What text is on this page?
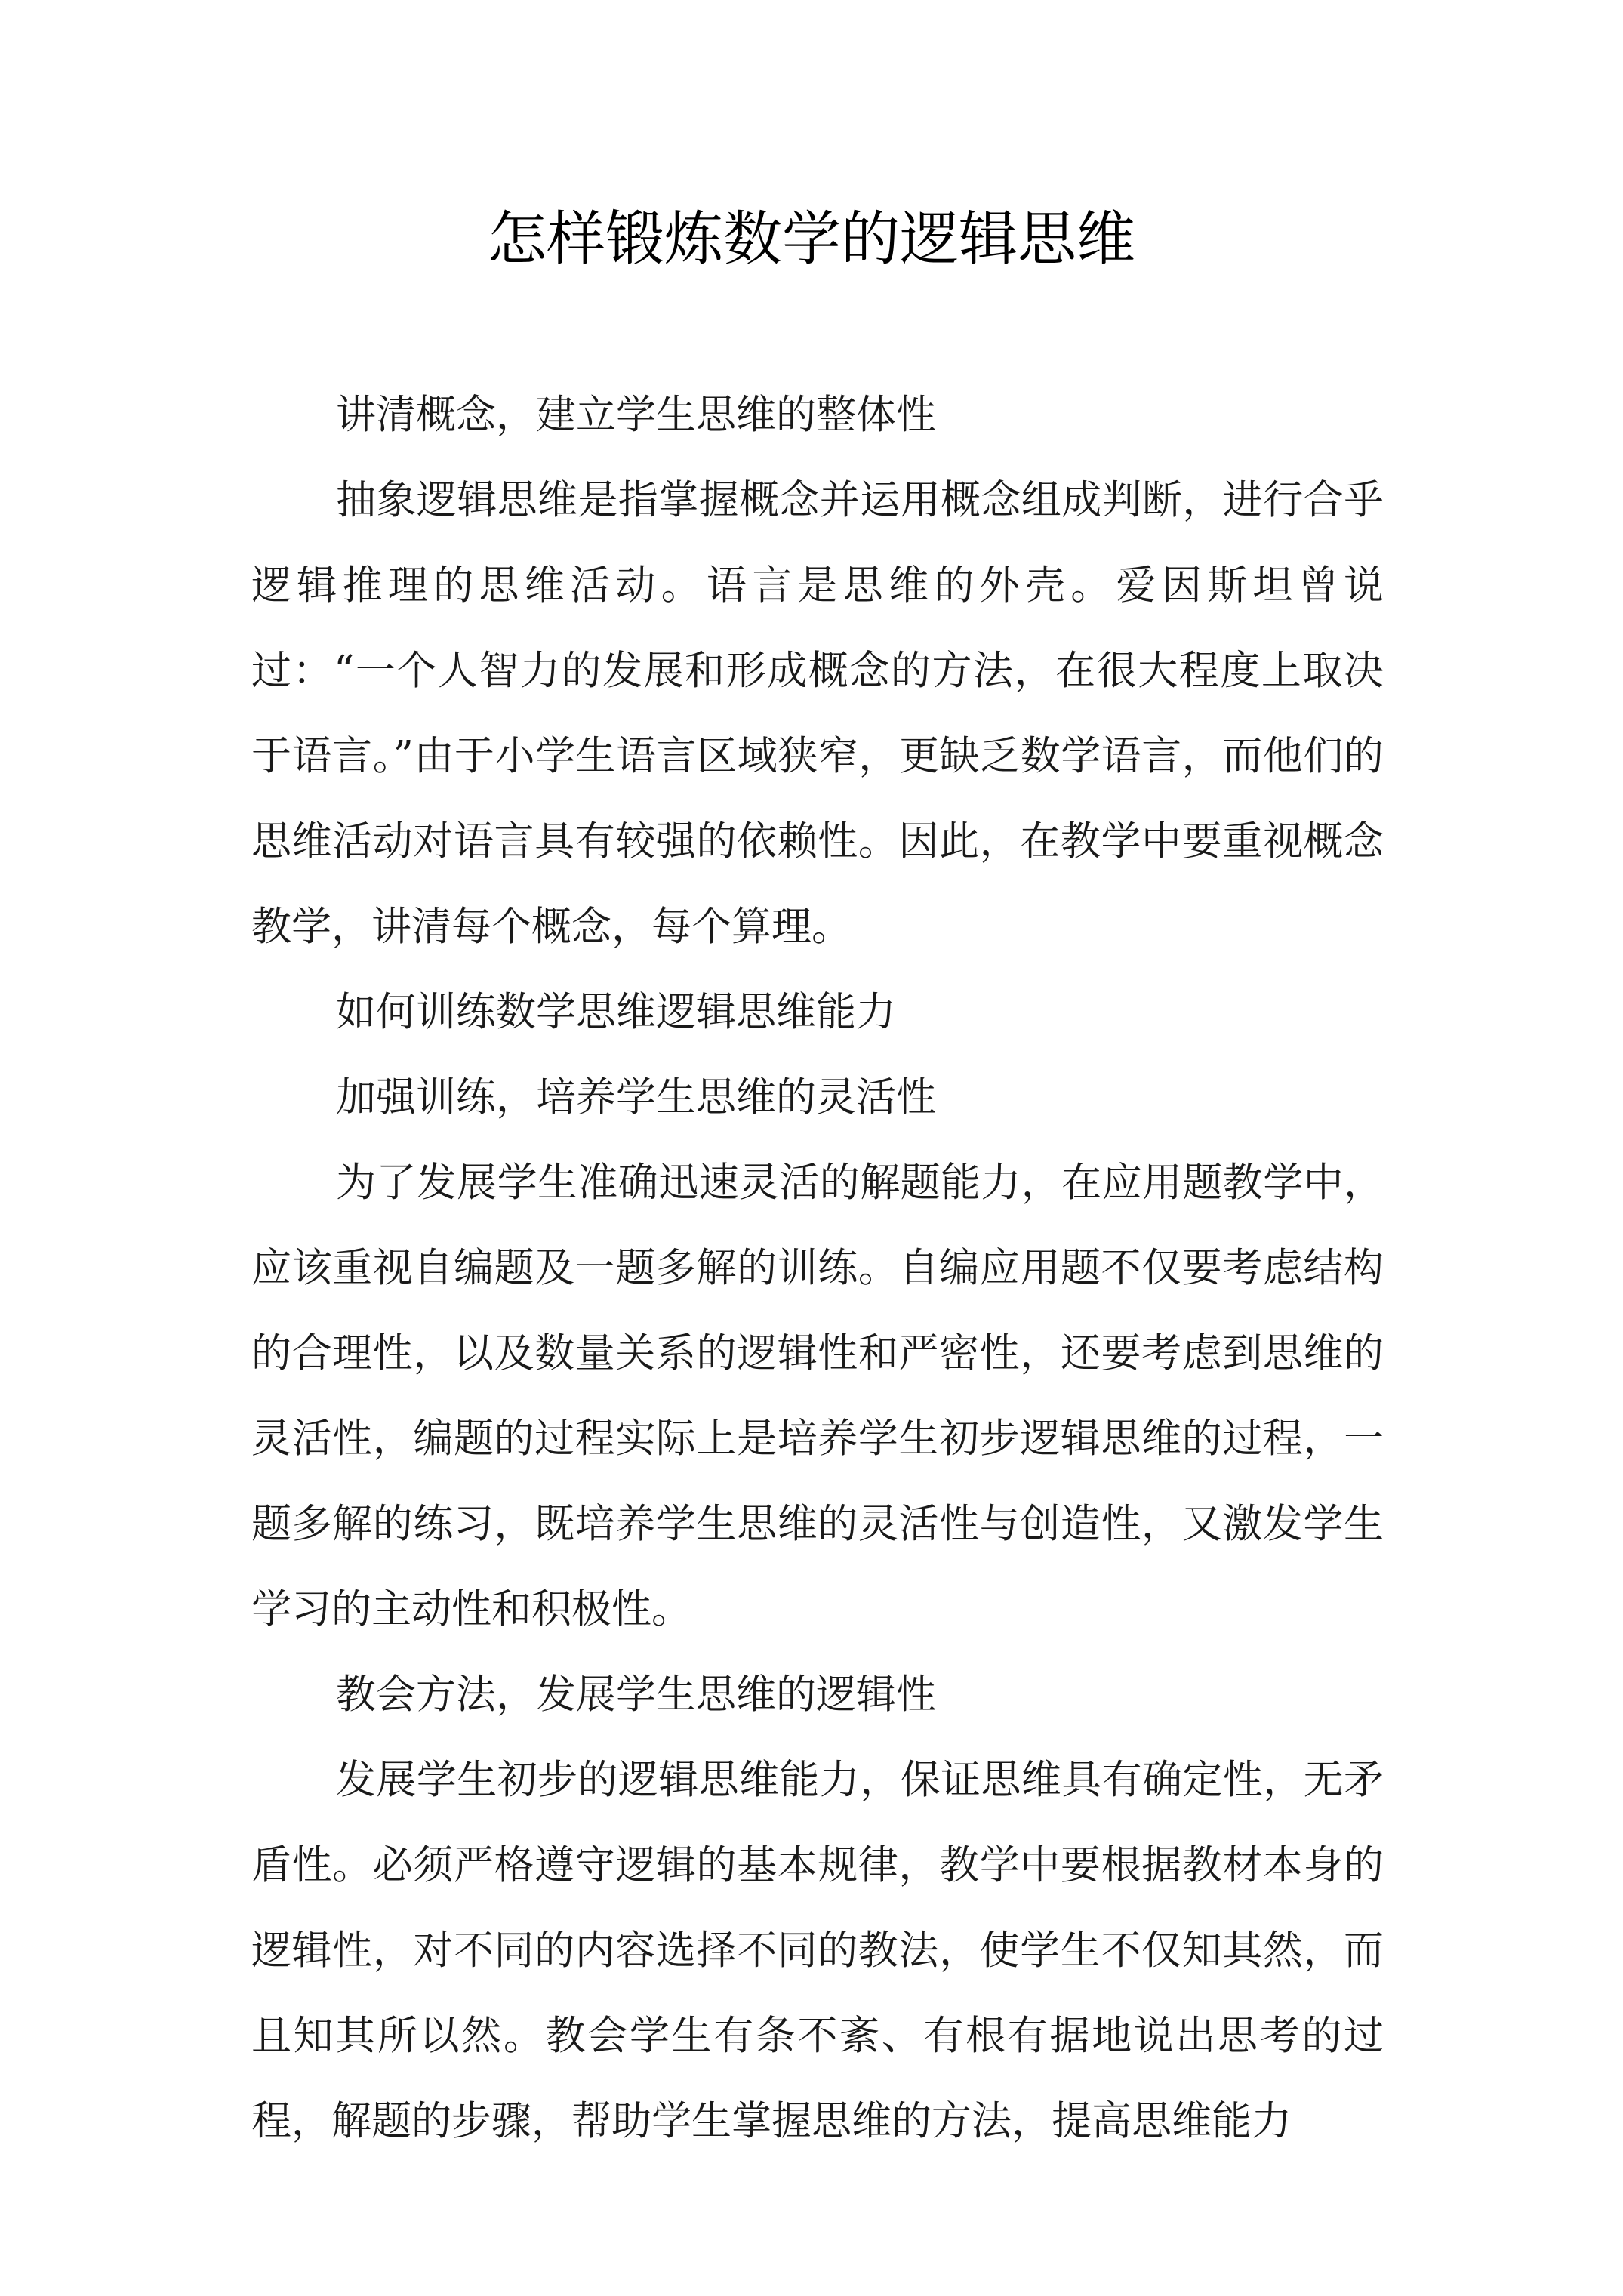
怎样锻炼数学的逻辑思维

讲清概念，建立学生思维的整体性

抽象逻辑思维是指掌握概念并运用概念组成判断，进行合乎逻辑推理的思维活动。语言是思维的外壳。爱因斯坦曾说过：“一个人智力的发展和形成概念的方法，在很大程度上取决于语言。”由于小学生语言区域狭窄，更缺乏数学语言，而他们的思维活动对语言具有较强的依赖性。因此，在教学中要重视概念教学，讲清每个概念，每个算理。

如何训练数学思维逻辑思维能力

加强训练，培养学生思维的灵活性

为了发展学生准确迅速灵活的解题能力，在应用题教学中，应该重视自编题及一题多解的训练。自编应用题不仅要考虑结构的合理性，以及数量关系的逻辑性和严密性，还要考虑到思维的灵活性，编题的过程实际上是培养学生初步逻辑思维的过程，一题多解的练习，既培养学生思维的灵活性与创造性，又激发学生学习的主动性和积极性。

教会方法，发展学生思维的逻辑性

发展学生初步的逻辑思维能力，保证思维具有确定性，无矛盾性。必须严格遵守逻辑的基本规律，教学中要根据教材本身的逻辑性，对不同的内容选择不同的教法，使学生不仅知其然，而且知其所以然。教会学生有条不紊、有根有据地说出思考的过程，解题的步骤，帮助学生掌握思维的方法，提高思维能力
